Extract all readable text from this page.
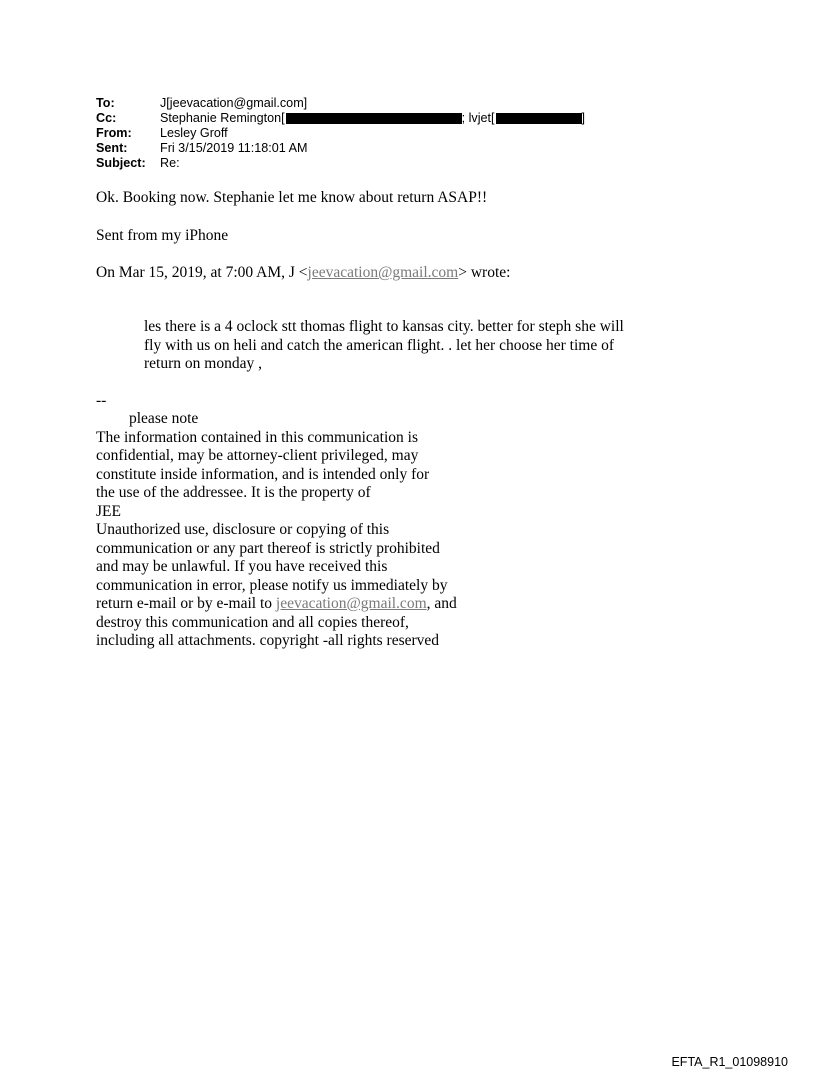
To:	J[jeevacation@gmail.com]
Cc:	Stephanie Remington[	; lvjet[	]
From:	Lesley Groff
Sent:	Fri 3/15/2019 11:18:01 AM
Subject:	Re:
Ok. Booking now. Stephanie let me know about return ASAP!!
Sent from my iPhone
On Mar 15, 2019, at 7:00 AM, J <jeevacation@gmail.com> wrote:

les there is a 4 oclock stt thomas flight to kansas city. better for steph she will

fly with us on heli and catch the american flight. . let her choose her time of

return on monday ,

--

please note

The information contained in this communication is

confidential, may be attorney-client privileged, may

constitute inside information, and is intended only for

the use of the addressee. It is the property of

JEE

Unauthorized use, disclosure or copying of this

communication or any part thereof is strictly prohibited

and may be unlawful. If you have received this

communication in error, please notify us immediately by

return e-mail or by e-mail to jeevacation@gmail.com, and

destroy this communication and all copies thereof,

including all attachments. copyright -all rights reserved

EFTA_R1_01098910
